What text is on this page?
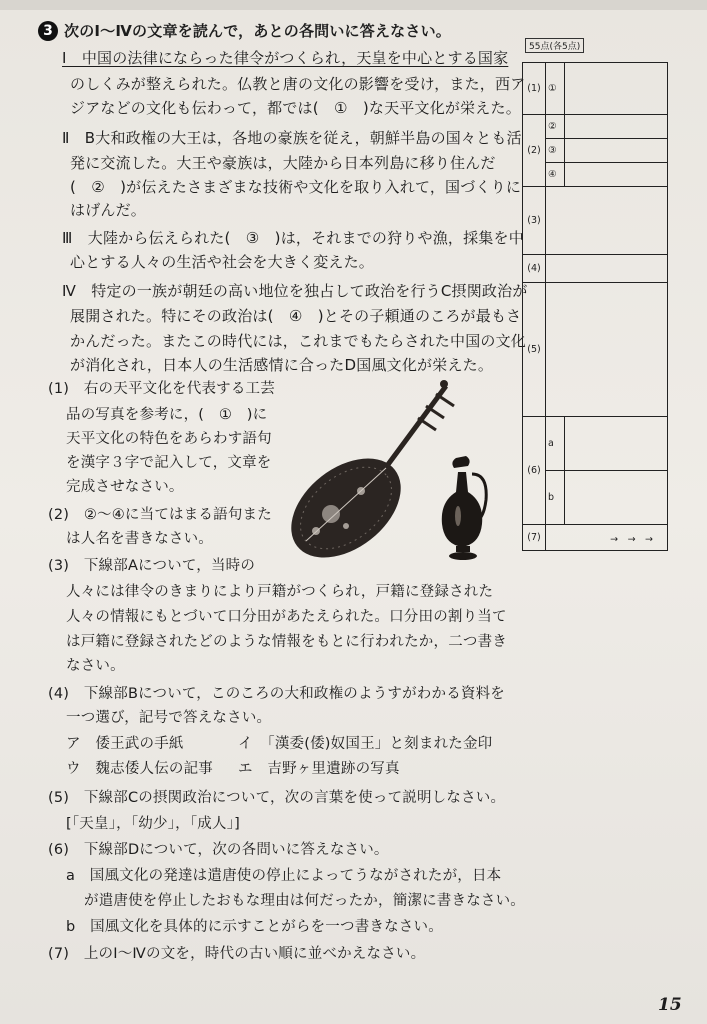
3 次のⅠ～Ⅳの文章を読んで，あとの各問いに答えなさい。
Ⅰ　中国の法律にならった律令がつくられ，天皇を中心とする国家
のしくみが整えられた。仏教と唐の文化の影響を受け，また，西ア
ジアなどの文化も伝わって，都では(　①　)な天平文化が栄えた。
Ⅱ　B大和政権の大王は，各地の豪族を従え，朝鮮半島の国々とも活
発に交流した。大王や豪族は，大陸から日本列島に移り住んだ
(　②　)が伝えたさまざまな技術や文化を取り入れて，国づくりに
はげんだ。
Ⅲ　大陸から伝えられた(　③　)は，それまでの狩りや漁，採集を中
心とする人々の生活や社会を大きく変えた。
Ⅳ　特定の一族が朝廷の高い地位を独占して政治を行うC摂関政治が
展開された。特にその政治は(　④　)とその子頼通のころが最もさ
かんだった。またこの時代には，これまでもたらされた中国の文化
が消化され，日本人の生活感情に合ったD国風文化が栄えた。
(1)　右の天平文化を代表する工芸
品の写真を参考に，(　①　)に
天平文化の特色をあらわす語句
を漢字３字で記入して，文章を
完成させなさい。
(2)　②～④に当てはまる語句また
は人名を書きなさい。
(3)　下線部Aについて，当時の
人々には律令のきまりにより戸籍がつくられ，戸籍に登録された
人々の情報にもとづいて口分田があたえられた。口分田の割り当て
は戸籍に登録されたどのような情報をもとに行われたか，二つ書き
なさい。
(4)　下線部Bについて，このころの大和政権のようすがわかる資料を
一つ選び，記号で答えなさい。
ア　倭王武の手紙	イ　「漢委(倭)奴国王」と刻まれた金印
ウ　魏志倭人伝の記事 エ　吉野ヶ里遺跡の写真
(5)　下線部Cの摂関政治について，次の言葉を使って説明しなさい。
[「天皇」，「幼少」，「成人」]
(6)　下線部Dについて，次の各問いに答えなさい。
a　国風文化の発達は遣唐使の停止によってうながされたが，日本
が遣唐使を停止したおもな理由は何だったか，簡潔に書きなさい。
b　国風文化を具体的に示すことがらを一つ書きなさい。
(7)　上のⅠ～Ⅳの文を，時代の古い順に並べかえなさい。
55点(各5点)
(1)	①	
(2)	②	
	③	
	④	
(3)		
(4)		
(5)		
(6)	a	
	b	
(7)	→　→　→	
15
